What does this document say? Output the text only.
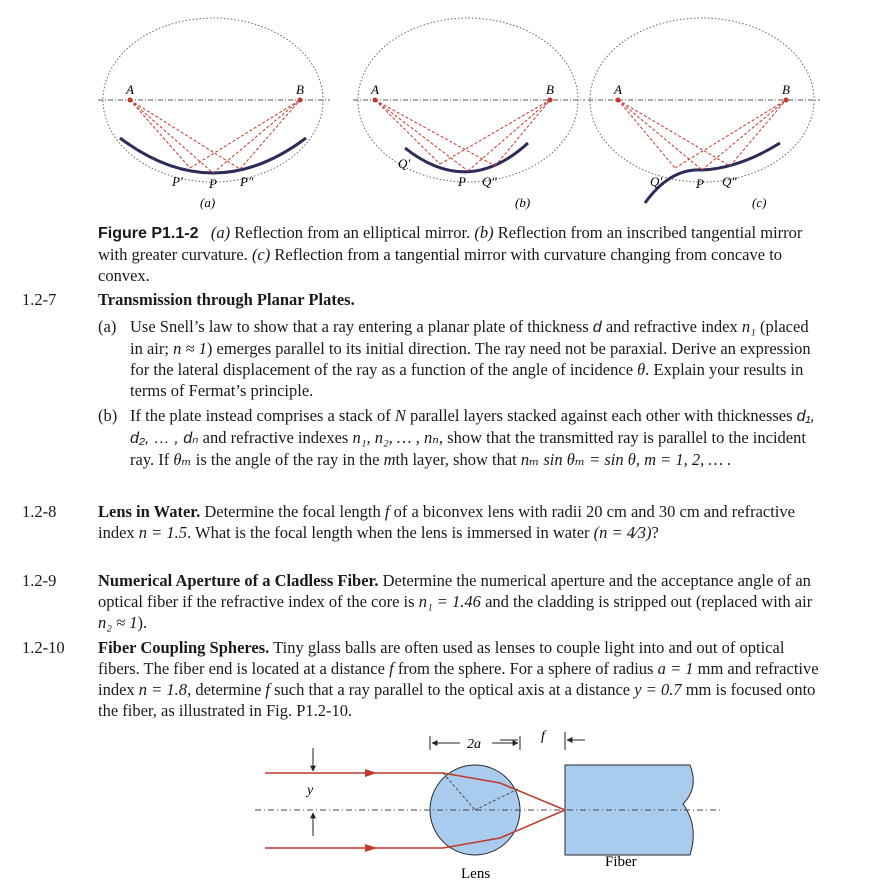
A	B
P′ P P″
(a)
A	B
Q′
P Q″
(b)
A	B
Q′	P Q″
(c)
Figure P1.1-2 (a) Reflection from an elliptical mirror. (b) Reflection from an inscribed tangential mirror with greater curvature. (c) Reflection from a tangential mirror with curvature changing from concave to convex.
1.2-7	Transmission through Planar Plates.
(a) Use Snell’s law to show that a ray entering a planar plate of thickness d and refractive index n₁ (placed in air; n ≈ 1) emerges parallel to its initial direction. The ray need not be paraxial. Derive an expression for the lateral displacement of the ray as a function of the angle of incidence θ. Explain your results in terms of Fermat’s principle.
(b) If the plate instead comprises a stack of N parallel layers stacked against each other with thicknesses d₁, d₂, … , dₙ and refractive indexes n₁, n₂, … , nₙ, show that the transmitted ray is parallel to the incident ray. If θₘ is the angle of the ray in the mth layer, show that nₘ sin θₘ = sin θ, m = 1, 2, … .
1.2-8	Lens in Water. Determine the focal length f of a biconvex lens with radii 20 cm and 30 cm and refractive index n = 1.5. What is the focal length when the lens is immersed in water (n = 4⁄3)?
1.2-9	Numerical Aperture of a Cladless Fiber. Determine the numerical aperture and the acceptance angle of an optical fiber if the refractive index of the core is n₁ = 1.46 and the cladding is stripped out (replaced with air n₂ ≈ 1).
1.2-10 Fiber Coupling Spheres. Tiny glass balls are often used as lenses to couple light into and out of optical fibers. The fiber end is located at a distance f from the sphere. For a sphere of radius a = 1 mm and refractive index n = 1.8, determine f such that a ray parallel to the optical axis at a distance y = 0.7 mm is focused onto the fiber, as illustrated in Fig. P1.2-10.
y
2a
f
Lens
Fiber
